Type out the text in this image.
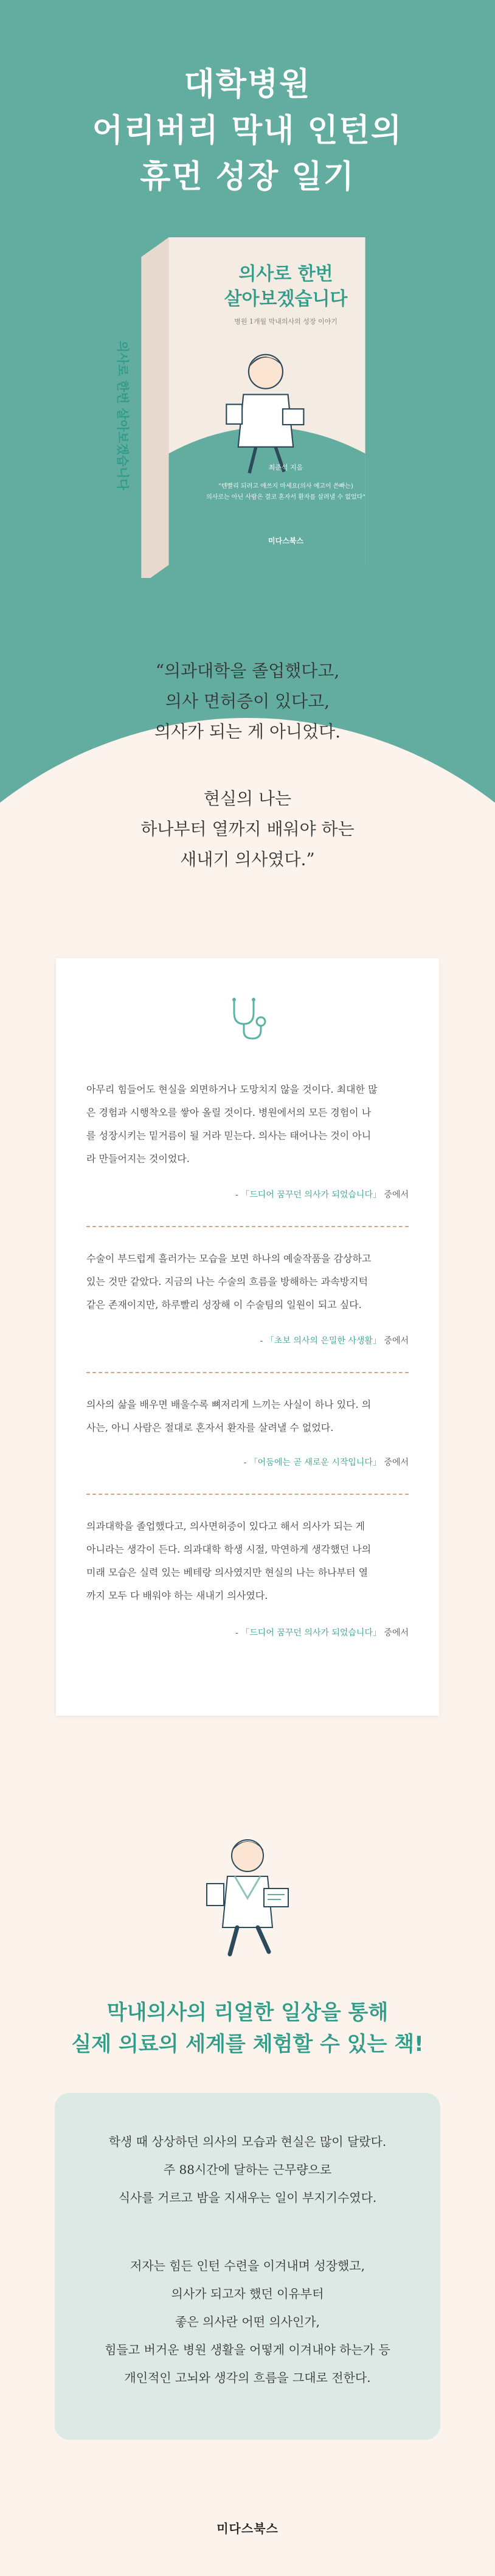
대학병원
어리버리 막내 인턴의
휴먼 성장 일기
의사로 한번
살아보겠습니다
병원 1개월 막내의사의 성장 이야기
최준석 지음
"텐빨리 되려고 애쓰지 마세요(의사 예고이 쓴빠는)
의사로는 아닌 사람은 결코 혼자서 환자를 살려낼 수 없었다"
미다스북스
의사로 한번 살아보겠습니다
“의과대학을 졸업했다고,
의사 면허증이 있다고,
의사가 되는 게 아니었다.
현실의 나는
하나부터 열까지 배워야 하는
새내기 의사였다.”
아무리 힘들어도 현실을 외면하거나 도망치지 않을 것이다. 최대한 많
은 경험과 시행착오를 쌓아 올릴 것이다. 병원에서의 모든 경험이 나
를 성장시키는 밑거름이 될 거라 믿는다. 의사는 태어나는 것이 아니
라 만들어지는 것이었다.
- 「드디어 꿈꾸던 의사가 되었습니다」 중에서
수술이 부드럽게 흘러가는 모습을 보면 하나의 예술작품을 감상하고
있는 것만 같았다. 지금의 나는 수술의 흐름을 방해하는 과속방지턱
같은 존재이지만, 하루빨리 성장해 이 수술팀의 일원이 되고 싶다.
- 「초보 의사의 은밀한 사생활」 중에서
의사의 삶을 배우면 배울수록 뼈저리게 느끼는 사실이 하나 있다. 의
사는, 아니 사람은 절대로 혼자서 환자를 살려낼 수 없었다.
- 「어둠에는 곧 새로운 시작입니다」 중에서
의과대학을 졸업했다고, 의사면허증이 있다고 해서 의사가 되는 게
아니라는 생각이 든다. 의과대학 학생 시절, 막연하게 생각했던 나의
미래 모습은 실력 있는 베테랑 의사였지만 현실의 나는 하나부터 열
까지 모두 다 배워야 하는 새내기 의사였다.
- 「드디어 꿈꾸던 의사가 되었습니다」 중에서
막내의사의 리얼한 일상을 통해
실제 의료의 세계를 체험할 수 있는 책!
학생 때 상상하던 의사의 모습과 현실은 많이 달랐다.
주 88시간에 달하는 근무량으로
식사를 거르고 밤을 지새우는 일이 부지기수였다.
저자는 힘든 인턴 수련을 이겨내며 성장했고,
의사가 되고자 했던 이유부터
좋은 의사란 어떤 의사인가,
힘들고 버거운 병원 생활을 어떻게 이겨내야 하는가 등
개인적인 고뇌와 생각의 흐름을 그대로 전한다.
미다스북스
